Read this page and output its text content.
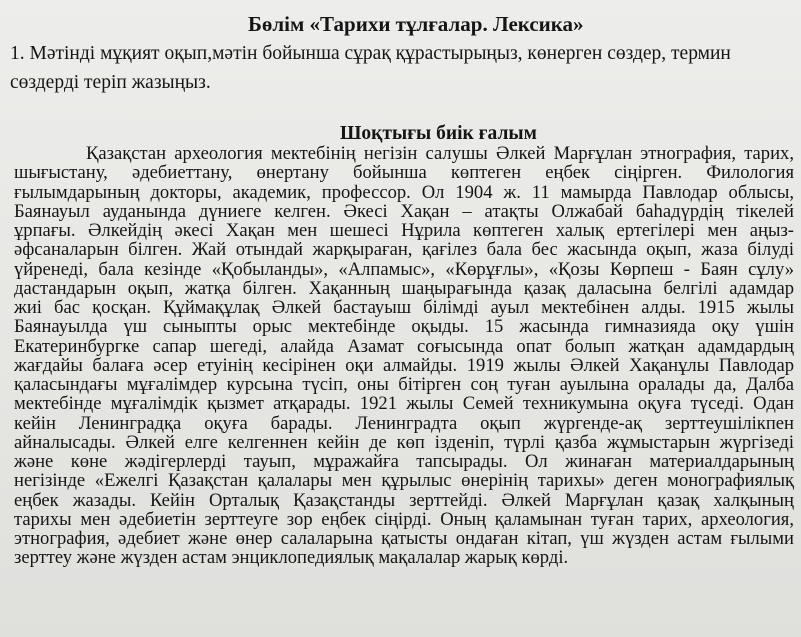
Бөлім «Тарихи тұлғалар. Лексика»
1. Мәтінді мұқият оқып,мәтін бойынша сұрақ құрастырыңыз, көнерген сөздер, термин
сөздерді теріп жазыңыз.
Шоқтығы биік ғалым
Қазақстан археология мектебінің негізін салушы Әлкей Марғұлан этнография, тарих,
шығыстану, әдебиеттану, өнертану бойынша көптеген еңбек сіңірген. Филология
ғылымдарының докторы, академик, профессор. Ол 1904 ж. 11 мамырда Павлодар облысы,
Баянауыл ауданында дүниеге келген. Әкесі Хақан – атақты Олжабай баһадүрдің тікелей
ұрпағы. Әлкейдің әкесі Хақан мен шешесі Нұрила көптеген халық ертегілері мен аңыз-
әфсаналарын білген. Жай отындай жарқыраған, қағілез бала бес жасында оқып, жаза білуді
үйренеді, бала кезінде «Қобыланды», «Алпамыс», «Көрұғлы», «Қозы Көрпеш - Баян сұлу»
дастандарын оқып, жатқа білген. Хақанның шаңырағында қазақ даласына белгілі адамдар
жиі бас қосқан. Құймақұлақ Әлкей бастауыш білімді ауыл мектебінен алды. 1915 жылы
Баянауылда үш сыныпты орыс мектебінде оқыды. 15 жасында гимназияда оқу үшін
Екатеринбургке сапар шегеді, алайда Азамат соғысында опат болып жатқан адамдардың
жағдайы балаға әсер етуінің кесірінен оқи алмайды. 1919 жылы Әлкей Хақанұлы Павлодар
қаласындағы мұғалімдер курсына түсіп, оны бітірген соң туған ауылына оралады да, Далба
мектебінде мұғалімдік қызмет атқарады. 1921 жылы Семей техникумына оқуға түседі. Одан
кейін Ленинградқа оқуға барады. Ленинградта оқып жүргенде-ақ зерттеушілікпен
айналысады. Әлкей елге келгеннен кейін де көп ізденіп, түрлі қазба жұмыстарын жүргізеді
және көне жәдігерлерді тауып, мұражайға тапсырады. Ол жинаған материалдарының
негізінде «Ежелгі Қазақстан қалалары мен құрылыс өнерінің тарихы» деген монографиялық
еңбек жазады. Кейін Орталық Қазақстанды зерттейді. Әлкей Марғұлан қазақ халқының
тарихы мен әдебиетін зерттеуге зор еңбек сіңірді. Оның қаламынан туған тарих, археология,
этнография, әдебиет және өнер салаларына қатысты ондаған кітап, үш жүзден астам ғылыми
зерттеу және жүзден астам энциклопедиялық мақалалар жарық көрді.
